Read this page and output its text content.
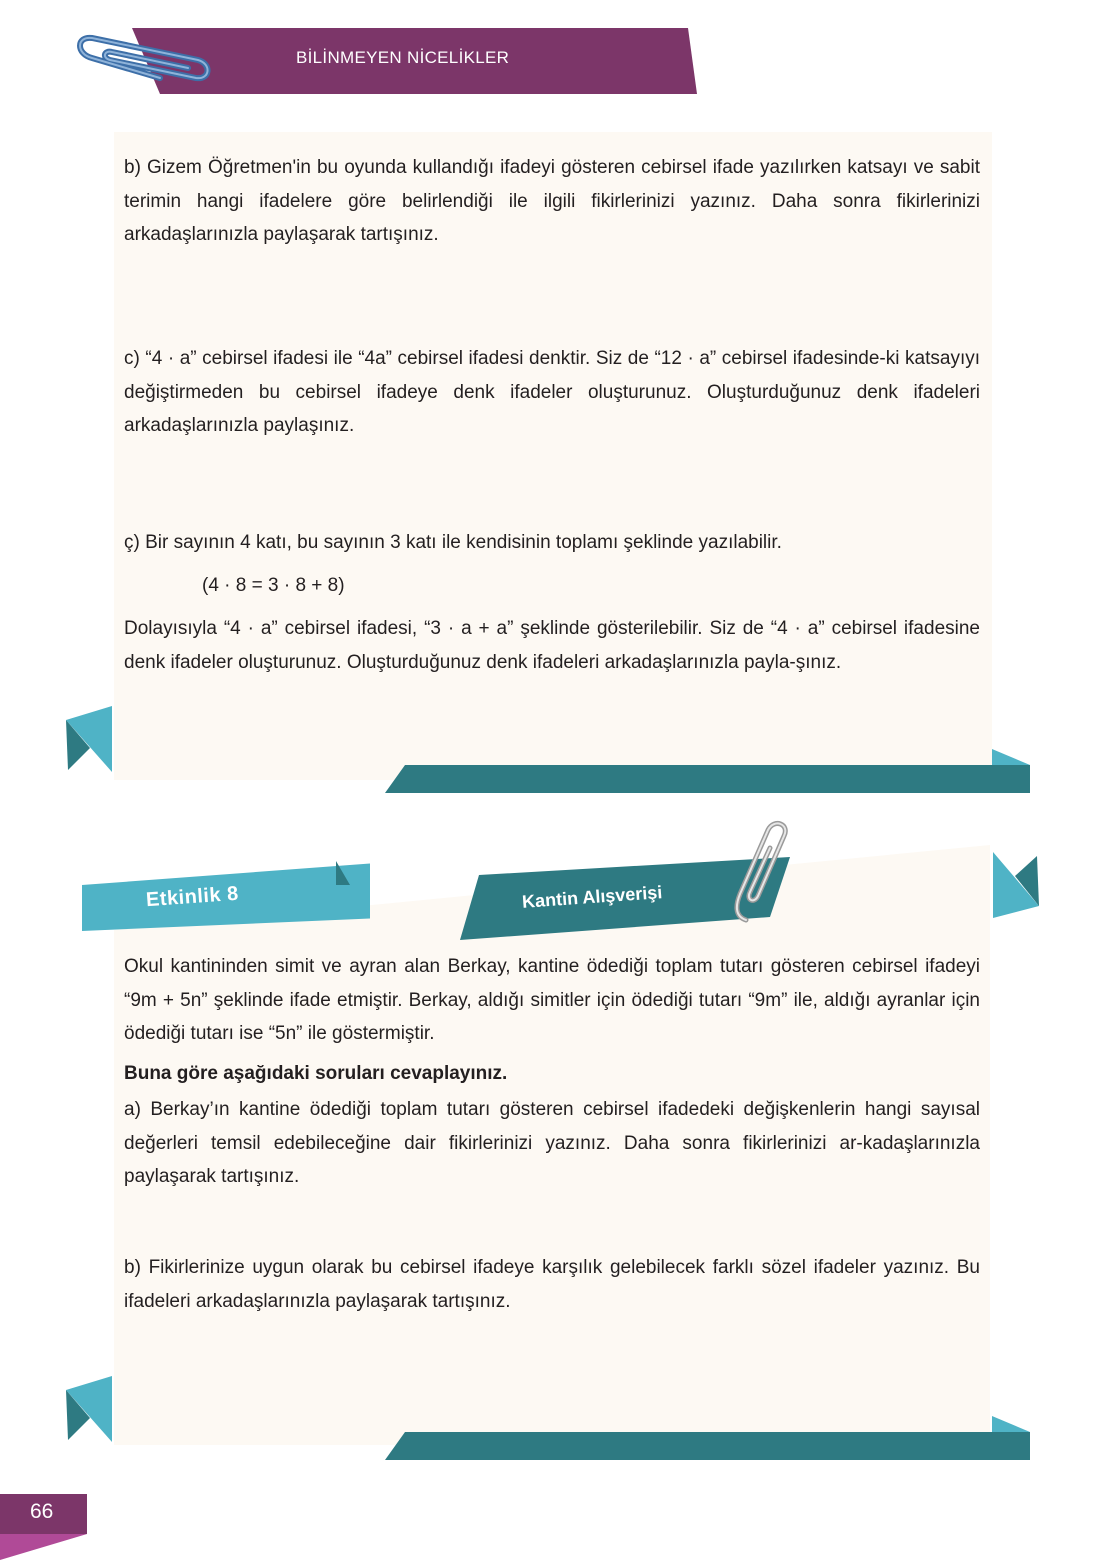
BİLİNMEYEN NİCELİKLER
b) Gizem Öğretmen'in bu oyunda kullandığı ifadeyi gösteren cebirsel ifade yazılırken katsayı ve sabit terimin hangi ifadelere göre belirlendiği ile ilgili fikirlerinizi yazınız. Daha sonra fikirlerinizi arkadaşlarınızla paylaşarak tartışınız.
c) “4 · a” cebirsel ifadesi ile “4a” cebirsel ifadesi denktir. Siz de “12 · a” cebirsel ifadesinde-ki katsayıyı değiştirmeden bu cebirsel ifadeye denk ifadeler oluşturunuz. Oluşturduğunuz denk ifadeleri arkadaşlarınızla paylaşınız.
ç) Bir sayının 4 katı, bu sayının 3 katı ile kendisinin toplamı şeklinde yazılabilir.
(4 · 8 = 3 · 8 + 8)
Dolayısıyla “4 · a” cebirsel ifadesi, “3 · a + a” şeklinde gösterilebilir. Siz de “4 · a” cebirsel ifadesine denk ifadeler oluşturunuz. Oluşturduğunuz denk ifadeleri arkadaşlarınızla payla-şınız.
Etkinlik 8	Kantin Alışverişi
Okul kantininden simit ve ayran alan Berkay, kantine ödediği toplam tutarı gösteren cebirsel ifadeyi “9m + 5n” şeklinde ifade etmiştir. Berkay, aldığı simitler için ödediği tutarı “9m” ile, aldığı ayranlar için ödediği tutarı ise “5n” ile göstermiştir.
Buna göre aşağıdaki soruları cevaplayınız.
a) Berkay’ın kantine ödediği toplam tutarı gösteren cebirsel ifadedeki değişkenlerin hangi sayısal değerleri temsil edebileceğine dair fikirlerinizi yazınız. Daha sonra fikirlerinizi ar-kadaşlarınızla paylaşarak tartışınız.
b) Fikirlerinize uygun olarak bu cebirsel ifadeye karşılık gelebilecek farklı sözel ifadeler yazınız. Bu ifadeleri arkadaşlarınızla paylaşarak tartışınız.
66
